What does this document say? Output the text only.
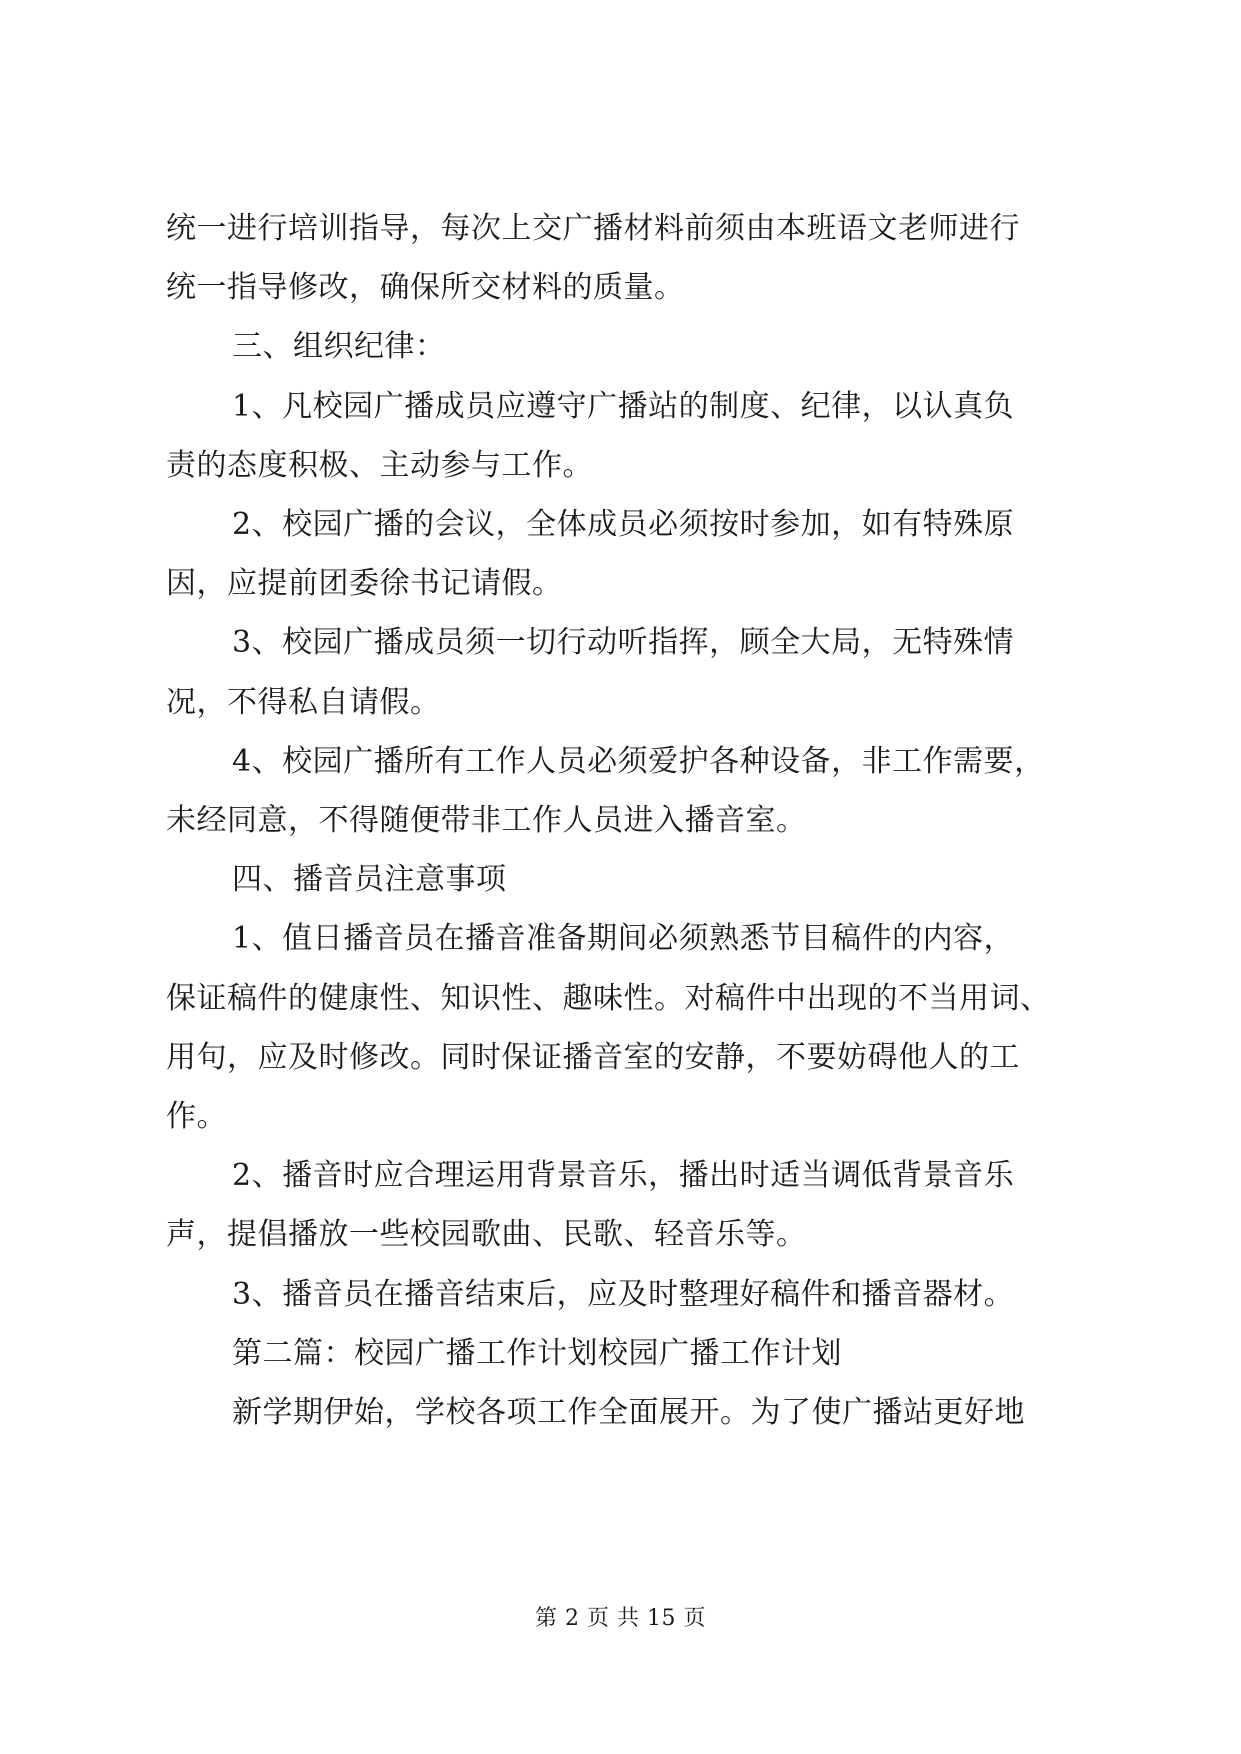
统一进行培训指导，每次上交广播材料前须由本班语文老师进行
统一指导修改，确保所交材料的质量。
三、组织纪律：
1、凡校园广播成员应遵守广播站的制度、纪律，以认真负
责的态度积极、主动参与工作。
2、校园广播的会议，全体成员必须按时参加，如有特殊原
因，应提前团委徐书记请假。
3、校园广播成员须一切行动听指挥，顾全大局，无特殊情
况，不得私自请假。
4、校园广播所有工作人员必须爱护各种设备，非工作需要，
未经同意，不得随便带非工作人员进入播音室。
四、播音员注意事项
1、值日播音员在播音准备期间必须熟悉节目稿件的内容，
保证稿件的健康性、知识性、趣味性。对稿件中出现的不当用词、
用句，应及时修改。同时保证播音室的安静，不要妨碍他人的工
作。
2、播音时应合理运用背景音乐，播出时适当调低背景音乐
声，提倡播放一些校园歌曲、民歌、轻音乐等。
3、播音员在播音结束后，应及时整理好稿件和播音器材。
第二篇：校园广播工作计划校园广播工作计划
新学期伊始，学校各项工作全面展开。为了使广播站更好地
第 2 页 共 15 页
